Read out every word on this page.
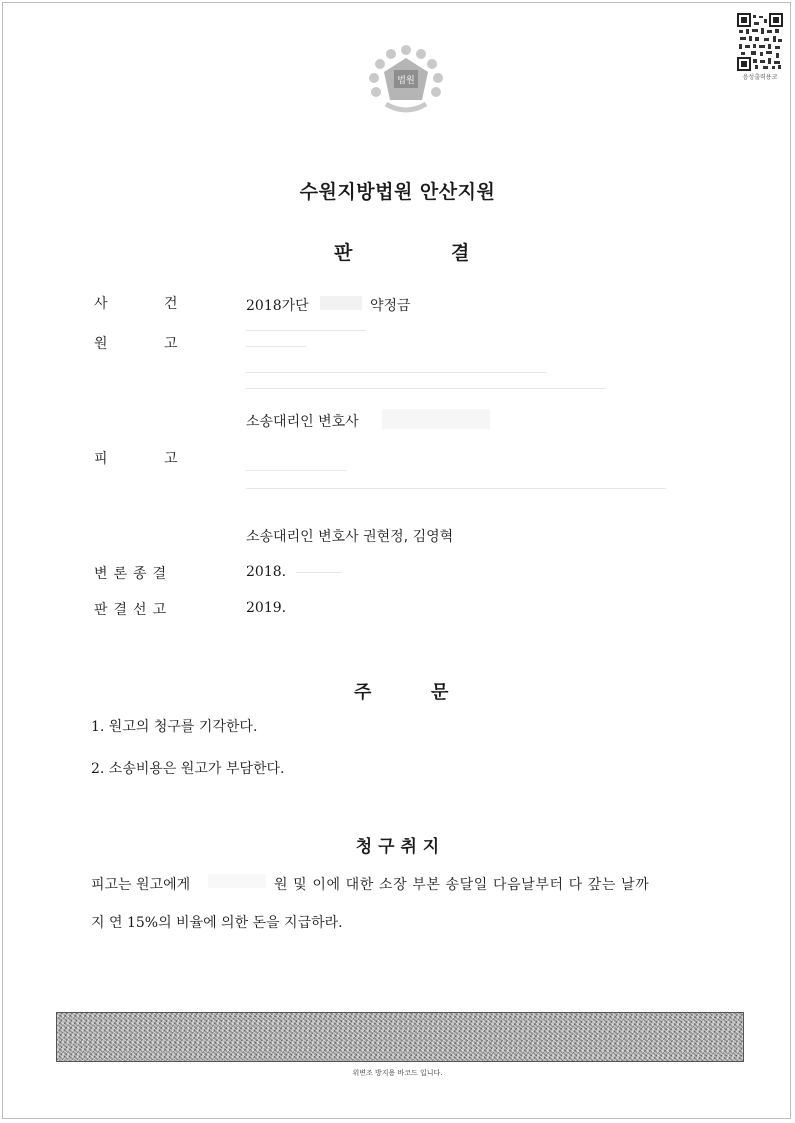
법원	음성출력용코
수원지방법원 안산지원
판	결
사	건	2018가단	약정금
원	고
소송대리인 변호사
피	고
소송대리인 변호사 권현정, 김영혁
변론종결	2018.
판결선고	2019.
주	문
1. 원고의 청구를 기각한다.
2. 소송비용은 원고가 부담한다.
청 구 취 지
피고는 원고에게	원 및 이에 대한 소장 부본 송달일 다음날부터 다 갚는 날까
지 연 15%의 비율에 의한 돈을 지급하라.
위변조 방지용 바코드 입니다.
